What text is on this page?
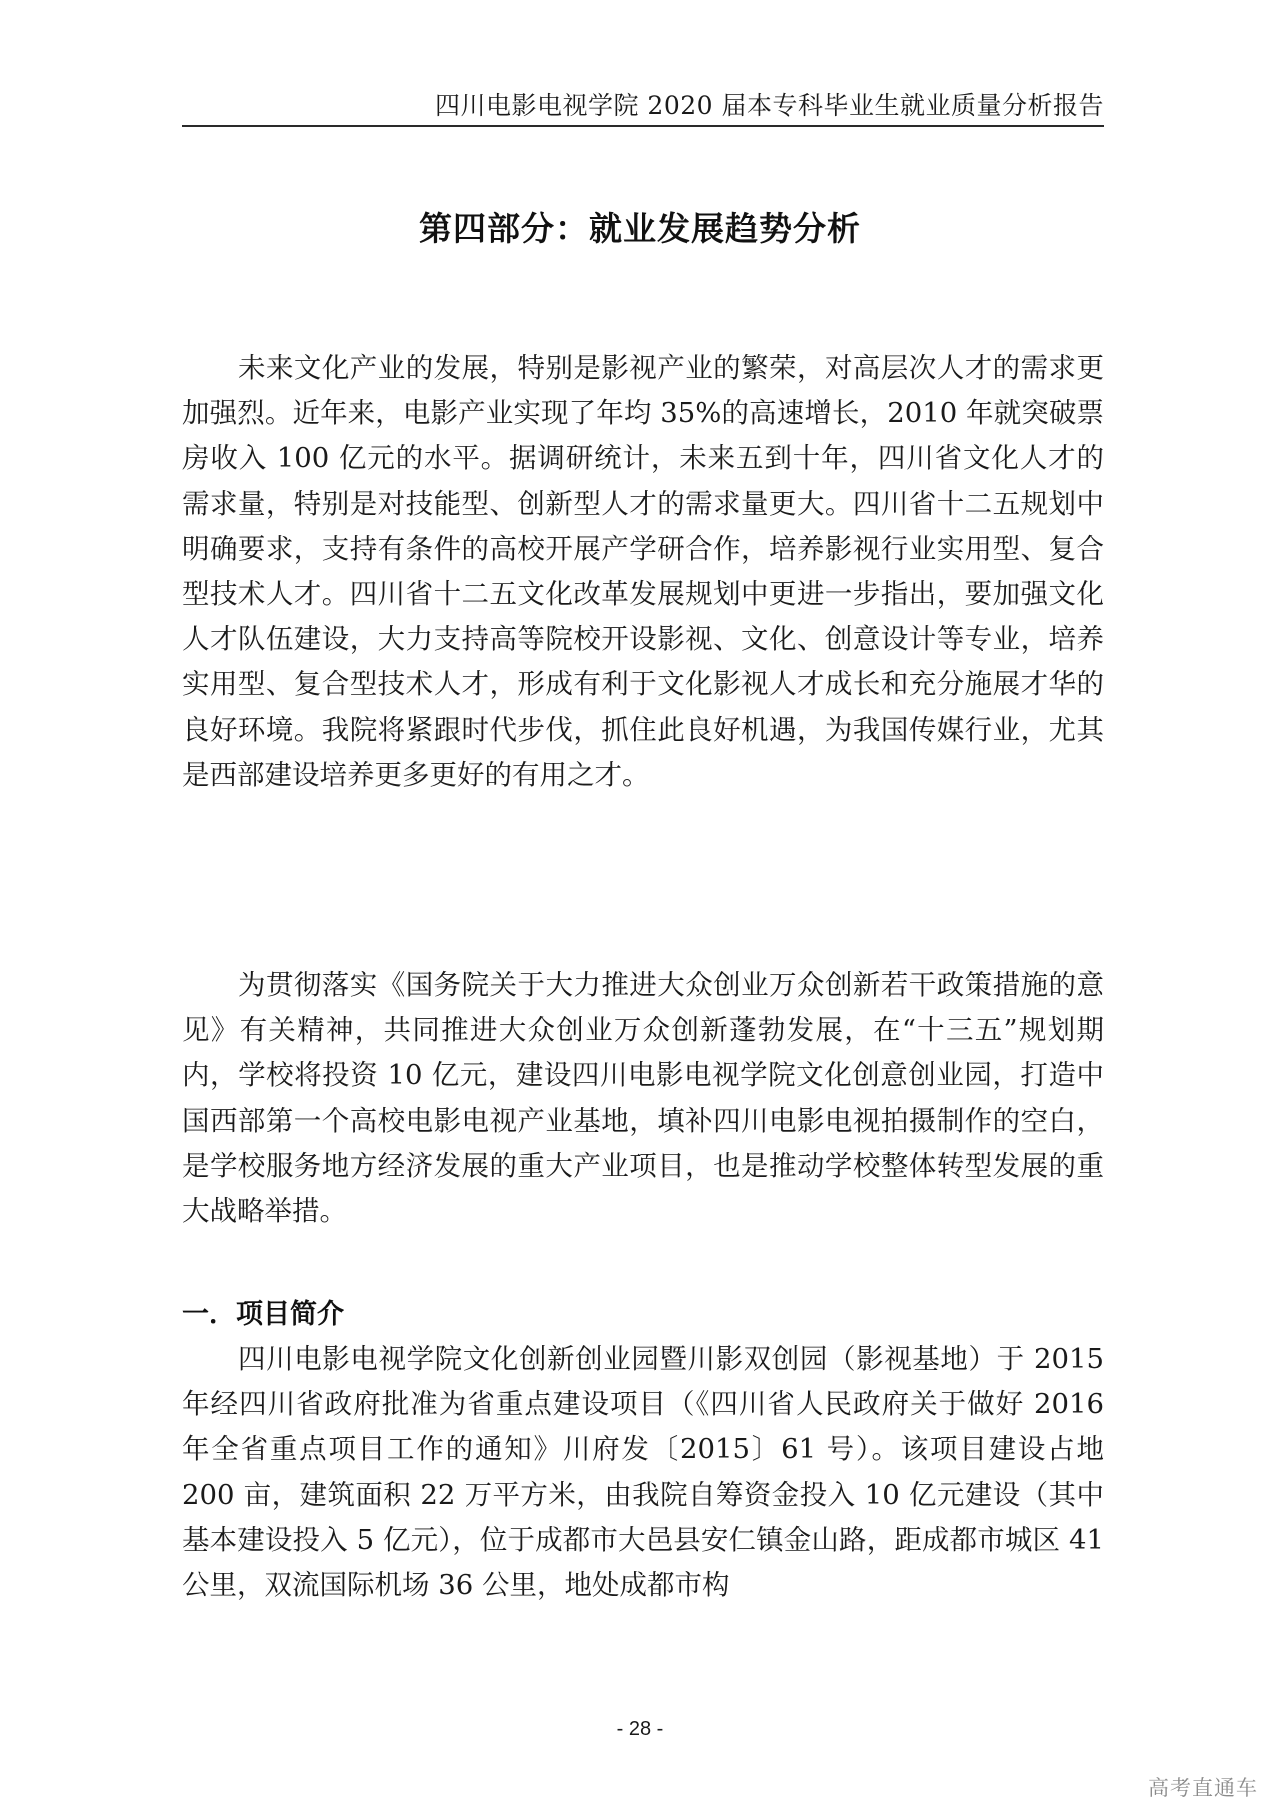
四川电影电视学院 2020 届本专科毕业生就业质量分析报告
第四部分：就业发展趋势分析

未来文化产业的发展，特别是影视产业的繁荣，对高层次人才的需求更加强烈。近年来，电影产业实现了年均 35%的高速增长，2010 年就突破票房收入 100 亿元的水平。据调研统计，未来五到十年，四川省文化人才的需求量，特别是对技能型、创新型人才的需求量更大。四川省十二五规划中明确要求，支持有条件的高校开展产学研合作，培养影视行业实用型、复合型技术人才。四川省十二五文化改革发展规划中更进一步指出，要加强文化人才队伍建设，大力支持高等院校开设影视、文化、创意设计等专业，培养实用型、复合型技术人才，形成有利于文化影视人才成长和充分施展才华的良好环境。我院将紧跟时代步伐，抓住此良好机遇，为我国传媒行业，尤其是西部建设培养更多更好的有用之才。

为贯彻落实《国务院关于大力推进大众创业万众创新若干政策措施的意见》有关精神，共同推进大众创业万众创新蓬勃发展，在“十三五”规划期内，学校将投资 10 亿元，建设四川电影电视学院文化创意创业园，打造中国西部第一个高校电影电视产业基地，填补四川电影电视拍摄制作的空白，是学校服务地方经济发展的重大产业项目，也是推动学校整体转型发展的重大战略举措。

一．项目简介

四川电影电视学院文化创新创业园暨川影双创园（影视基地）于 2015 年经四川省政府批准为省重点建设项目（《四川省人民政府关于做好 2016 年全省重点项目工作的通知》川府发〔2015〕61 号）。该项目建设占地 200 亩，建筑面积 22 万平方米，由我院自筹资金投入 10 亿元建设（其中基本建设投入 5 亿元），位于成都市大邑县安仁镇金山路，距成都市城区 41 公里，双流国际机场 36 公里，地处成都市构

- 28 -
高考直通车
